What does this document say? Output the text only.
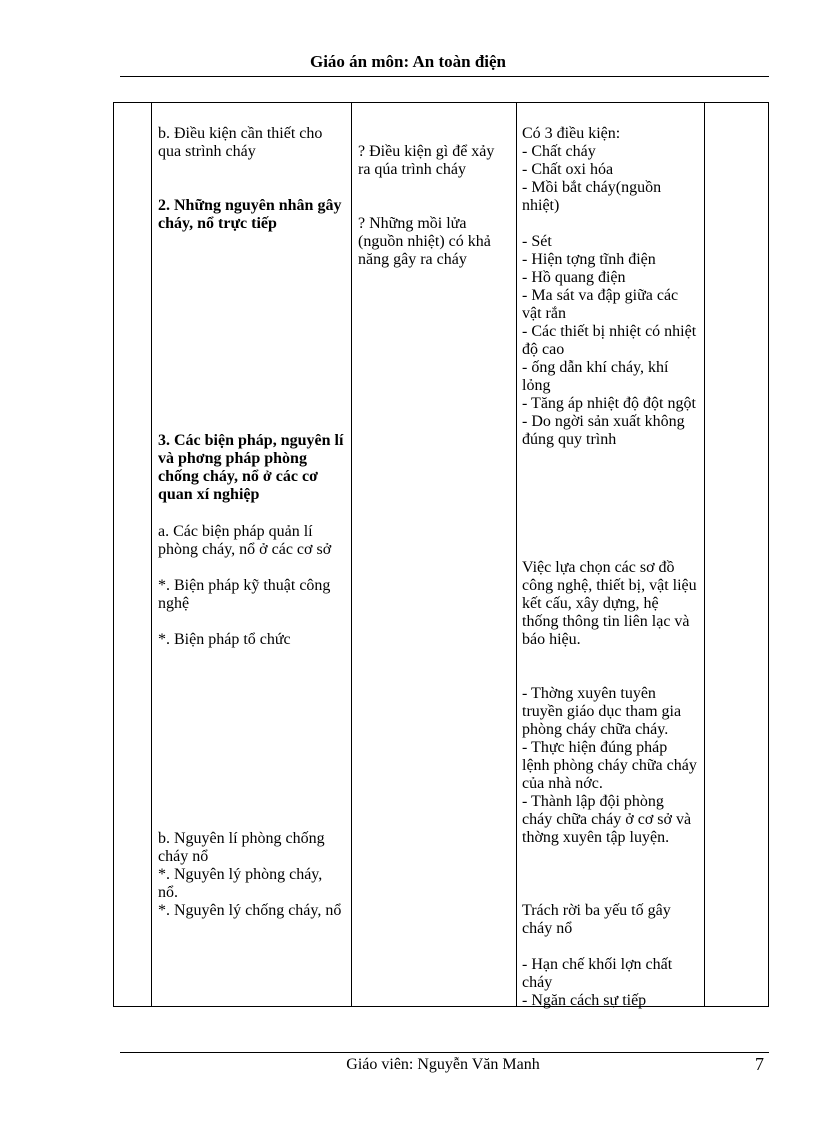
Giáo án môn: An toàn điện
b. Điều kiện cần thiết cho qua strình cháy
2. Những nguyên nhân gây cháy, nổ trực tiếp
3. Các biện pháp, nguyên lí và phơng pháp phòng chống cháy, nổ ở các cơ quan xí nghiệp
a. Các biện pháp quản lí phòng cháy, nổ ở các cơ sở
*. Biện pháp kỹ thuật công nghệ
*. Biện pháp tổ chức
b. Nguyên lí phòng chống cháy nổ
*. Nguyên lý phòng cháy, nổ.
*. Nguyên lý chống cháy, nổ
? Điều kiện gì để xảy ra qúa trình cháy
? Những mồi lửa (nguồn nhiệt) có khả năng gây ra cháy
Có 3 điều kiện:
- Chất cháy
- Chất oxi hóa
- Mồi bắt cháy(nguồn nhiệt)
- Sét
- Hiện tợng tĩnh điện
- Hồ quang điện
- Ma sát va đập giữa các vật rắn
- Các thiết bị nhiệt có nhiệt độ cao
- ống dẫn khí cháy, khí lỏng
- Tăng áp nhiệt độ đột ngột
- Do ngời sản xuất không đúng quy trình
Việc lựa chọn các sơ đồ công nghệ, thiết bị, vật liệu kết cấu, xây dựng, hệ thống thông tin liên lạc và báo hiệu.
- Thờng xuyên tuyên truyền giáo dục tham gia phòng cháy chữa cháy.
- Thực hiện đúng pháp lệnh phòng cháy chữa cháy của nhà nớc.
- Thành lập đội phòng cháy chữa cháy ở cơ sở và thờng xuyên tập luyện.
Trách rời ba yếu tố gây cháy nổ
- Hạn chế khối lợn chất cháy
- Ngăn cách sự tiếp
Giáo viên: Nguyễn Văn Manh	7
